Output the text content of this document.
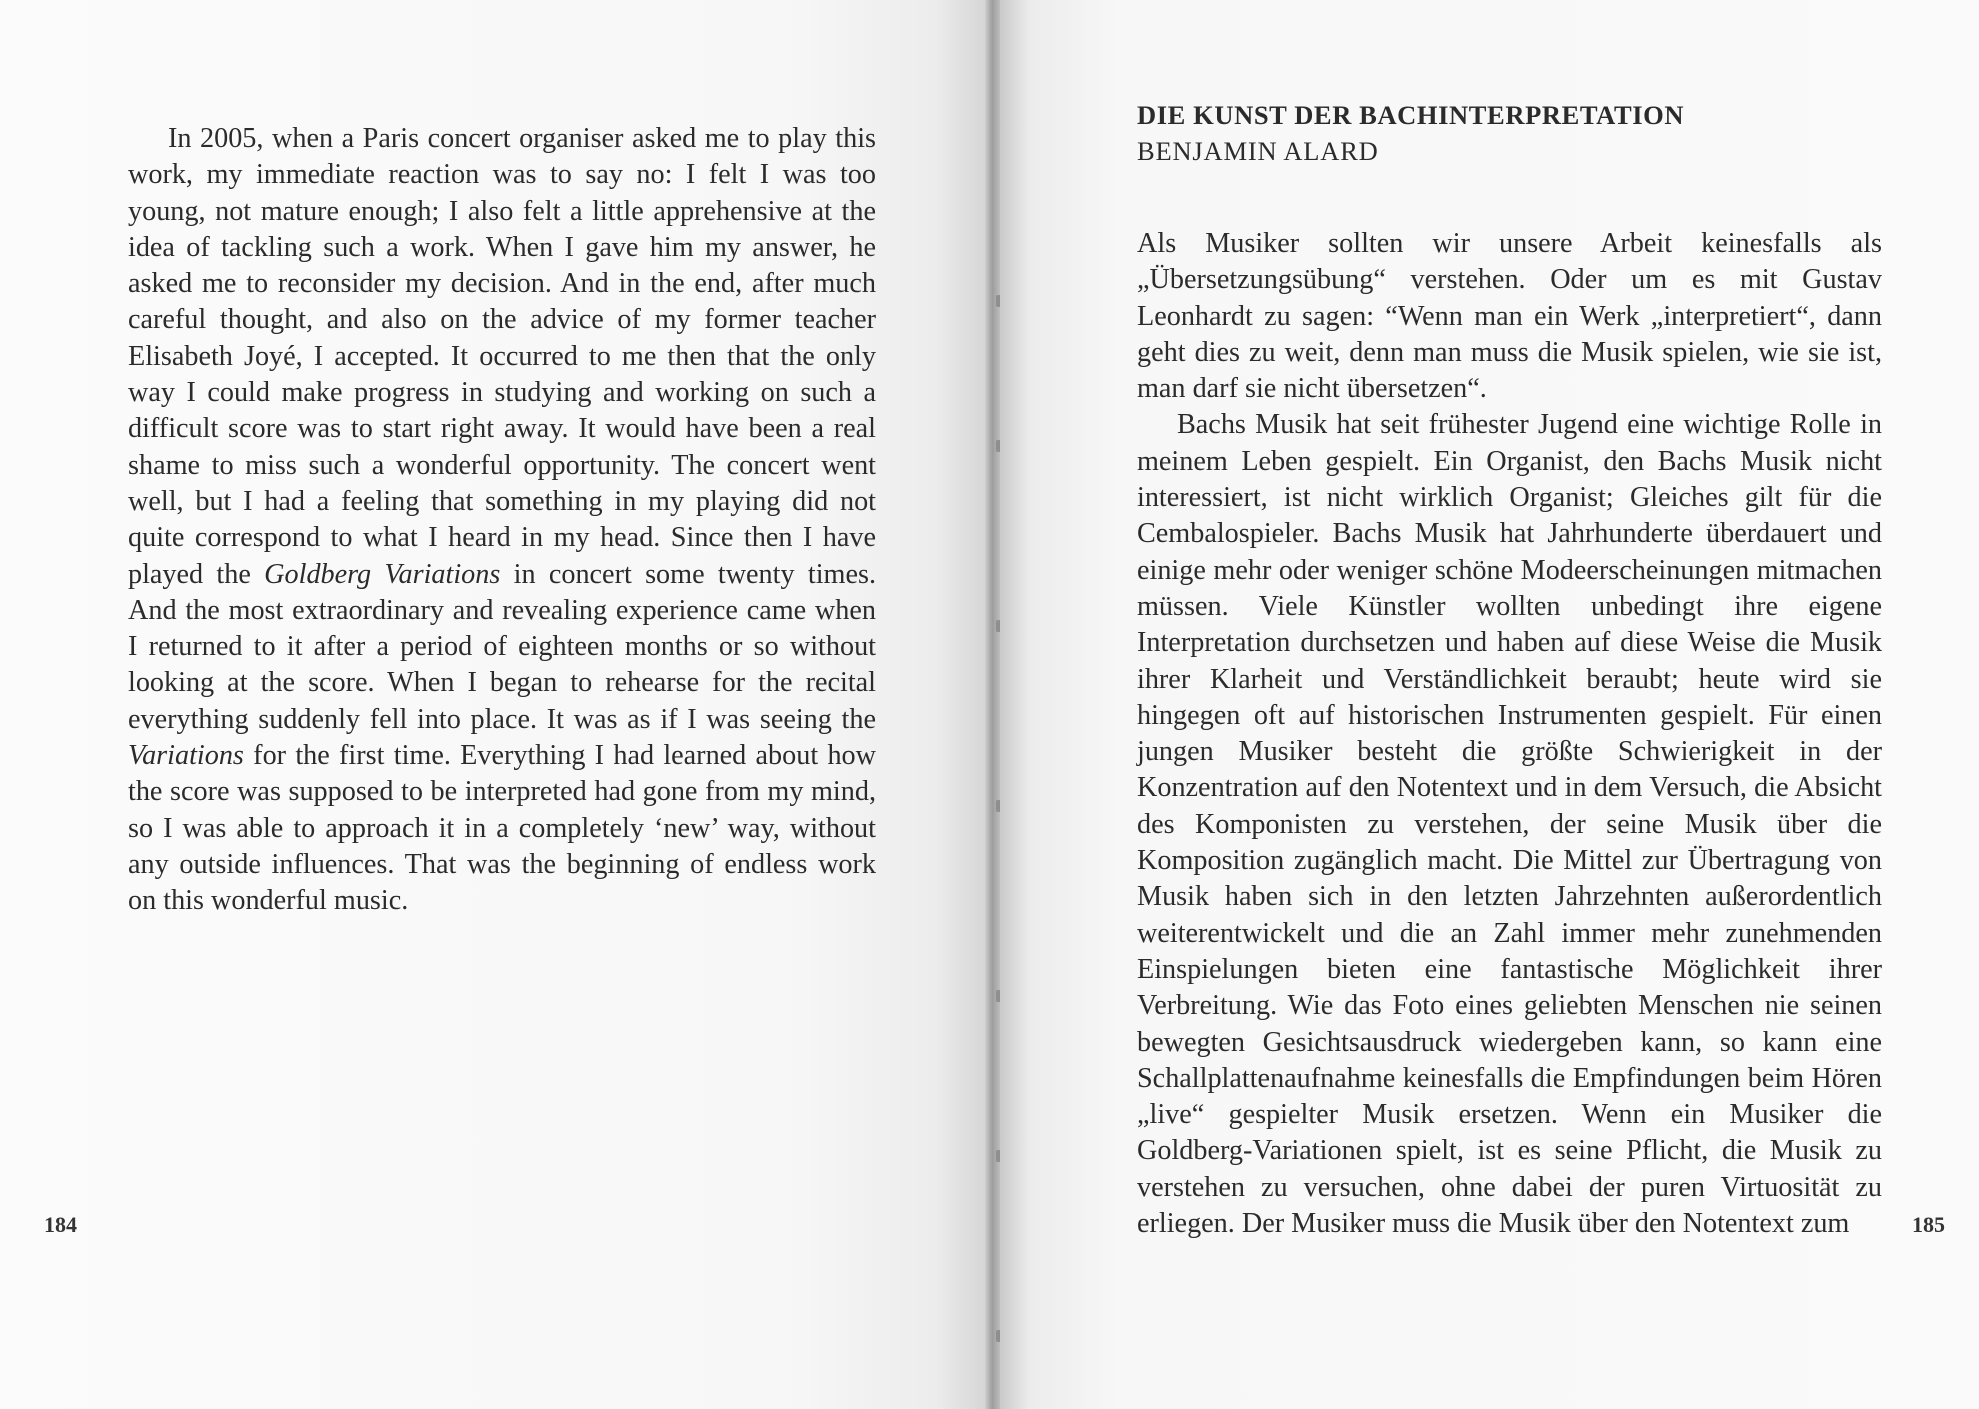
In 2005, when a Paris concert organiser asked me to play this work, my immediate reaction was to say no: I felt I was too young, not mature enough; I also felt a little apprehensive at the idea of tackling such a work. When I gave him my answer, he asked me to reconsider my decision. And in the end, after much careful thought, and also on the advice of my former teacher Elisabeth Joyé, I accepted. It occurred to me then that the only way I could make progress in studying and working on such a difficult score was to start right away. It would have been a real shame to miss such a wonderful opportunity. The concert went well, but I had a feeling that something in my playing did not quite correspond to what I heard in my head. Since then I have played the Goldberg Variations in concert some twenty times. And the most extraordinary and revealing experience came when I returned to it after a period of eighteen months or so without looking at the score. When I began to rehearse for the recital everything suddenly fell into place. It was as if I was seeing the Variations for the first time. Everything I had learned about how the score was supposed to be interpreted had gone from my mind, so I was able to approach it in a completely ‘new’ way, without any outside influences. That was the beginning of endless work on this wonderful music.

184
DIE KUNST DER BACHINTERPRETATION
BENJAMIN ALARD

Als Musiker sollten wir unsere Arbeit keinesfalls als „Übersetzungsübung“ verstehen. Oder um es mit Gustav Leonhardt zu sagen: “Wenn man ein Werk „interpretiert“, dann geht dies zu weit, denn man muss die Musik spielen, wie sie ist, man darf sie nicht übersetzen“.

Bachs Musik hat seit frühester Jugend eine wichtige Rolle in meinem Leben gespielt. Ein Organist, den Bachs Musik nicht interessiert, ist nicht wirklich Organist; Gleiches gilt für die Cembalospieler. Bachs Musik hat Jahrhunderte überdauert und einige mehr oder weniger schöne Modeerscheinungen mitmachen müssen. Viele Künstler wollten unbedingt ihre eigene Interpretation durchsetzen und haben auf diese Weise die Musik ihrer Klarheit und Verständlichkeit beraubt; heute wird sie hingegen oft auf historischen Instrumenten gespielt. Für einen jungen Musiker besteht die größte Schwierigkeit in der Konzentration auf den Notentext und in dem Versuch, die Absicht des Komponisten zu verstehen, der seine Musik über die Komposition zugänglich macht. Die Mittel zur Übertragung von Musik haben sich in den letzten Jahrzehnten außerordentlich weiterentwickelt und die an Zahl immer mehr zunehmenden Einspielungen bieten eine fantastische Möglichkeit ihrer Verbreitung. Wie das Foto eines geliebten Menschen nie seinen bewegten Gesichtsausdruck wiedergeben kann, so kann eine Schallplattenaufnahme keinesfalls die Empfindungen beim Hören „live“ gespielter Musik ersetzen. Wenn ein Musiker die Goldberg-Variationen spielt, ist es seine Pflicht, die Musik zu verstehen zu versuchen, ohne dabei der puren Virtuosität zu erliegen. Der Musiker muss die Musik über den Notentext zum	185
